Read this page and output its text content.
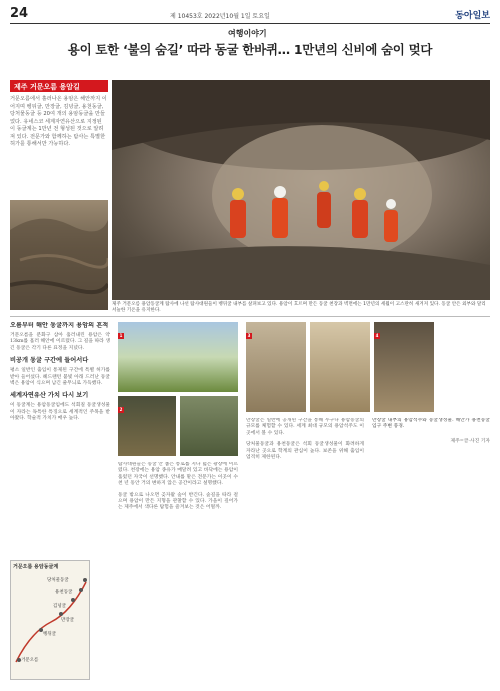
24	제 10453호 2022년10월 1일 토요일	동아일보
여행이야기
용이 토한 ‘불의 숨길’ 따라 동굴 한바퀴… 1만년의 신비에 숨이 멎다
제주 거문오름 용암길
거문오름에서 흘러나온 용암은 해안까지 이어지며 벵뒤굴, 만장굴, 김녕굴, 용천동굴, 당처물동굴 등 20여 개의 용암동굴을 만들었다. 유네스코 세계자연유산으로 지정된 이 동굴계는 1만년 전 형성된 것으로 알려져 있다. 전문가와 함께하는 탐사는 특별한 허가를 통해서만 가능하다.
제주 거문오름 용암동굴계 탐사에 나선 탐사대원들이 벵뒤굴 내부를 살펴보고 있다. 용암이 흐르며 만든 동굴 천장과 벽면에는 1만년의 세월이 고스란히 새겨져 있다. 동굴 안은 외부와 달리 서늘한 기온을 유지한다.
오름부터 해안 동굴까지 용암의 흔적

거문오름을 분화구 삼아 흘러내린 용암은 약 13km를 흘러 해안에 이르렀다. 그 길을 따라 생긴 동굴은 각기 다른 표정을 지녔다.

비공개 동굴 구간에 들어서다

평소 일반인 출입이 통제된 구간에 특별 허가를 받아 들어섰다. 헤드랜턴 불빛 아래 드러난 동굴 벽은 용암이 식으며 남긴 줄무늬로 가득했다.

세계자연유산 가치 다시 보기

이 동굴계는 용암동굴임에도 석회질 동굴생성물이 자라는 독특한 특징으로 세계적인 주목을 받아왔다. 학술적 가치가 매우 높다.

거문오름 용암동굴계
거문오름
벵뒤굴
만장굴
김녕굴
용천동굴
당처물동굴
1
2

탐사대원들은 동굴 안 좁은 통로를 지나 넓은 광장에 이르렀다. 천장에는 용암 종유가 매달려 있고 바닥에는 용암이 흘렀던 자국이 선명했다. 안내를 맡은 전문가는 이곳이 수천 년 동안 거의 변하지 않은 공간이라고 설명했다.

동굴 밖으로 나오면 곶자왈 숲이 반긴다. 숲길을 따라 걸으며 용암이 만든 지형을 관찰할 수 있다. 가을이 깊어가는 제주에서 색다른 탐험을 즐겨보는 것은 어떨까.

3	4

만장굴은 일반에 공개된 구간을 통해 누구나 용암동굴의 규모를 체험할 수 있다. 세계 최대 규모의 용암석주도 이곳에서 볼 수 있다.

당처물동굴과 용천동굴은 석회 동굴생성물이 화려하게 자라난 곳으로 학계의 관심이 높다. 보존을 위해 출입이 엄격히 제한된다.

만장굴 내부의 용암석주와 동굴생성물. 해안가 용천동굴 입구 주변 풍경.

제주=글·사진 기자
